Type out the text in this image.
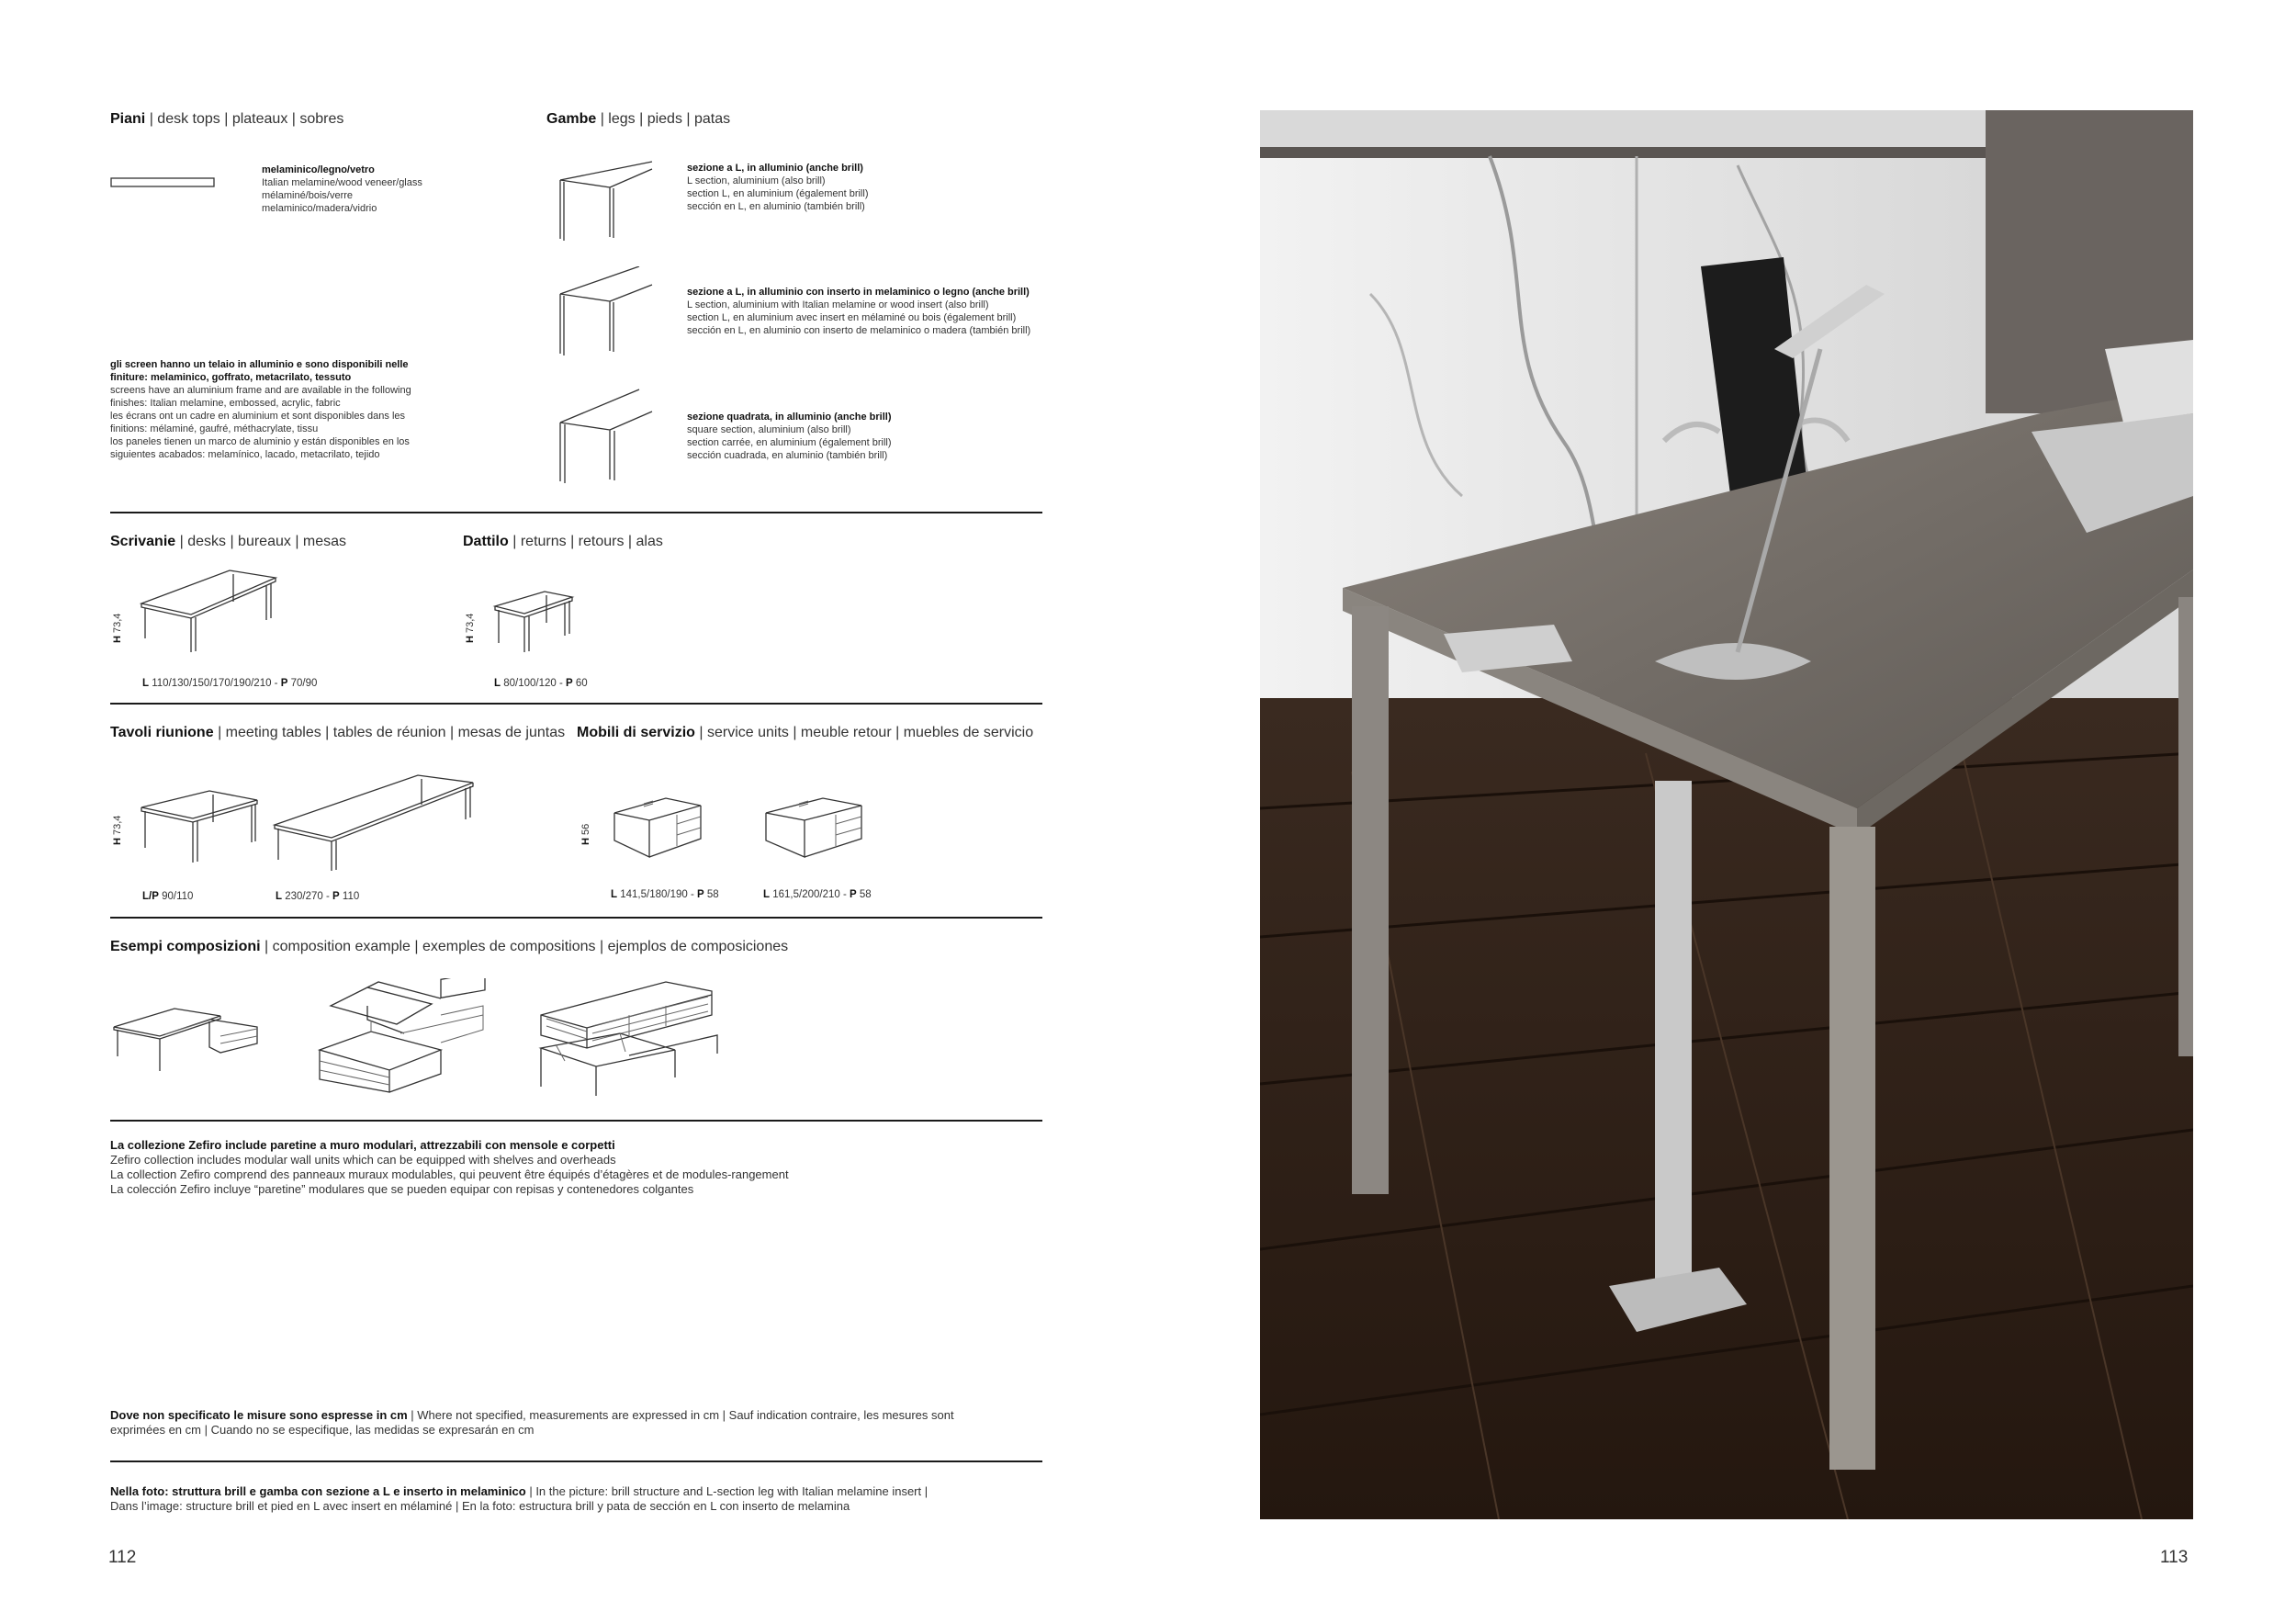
Piani | desk tops | plateaux | sobres
melaminico/legno/vetro
Italian melamine/wood veneer/glass
mélaminé/bois/verre
melaminico/madera/vidrio
gli screen hanno un telaio in alluminio e sono disponibili nelle
finiture: melaminico, goffrato, metacrilato, tessuto
screens have an aluminium frame and are available in the following
finishes: Italian melamine, embossed, acrylic, fabric
les écrans ont un cadre en aluminium et sont disponibles dans les
finitions: mélaminé, gaufré, méthacrylate, tissu
los paneles tienen un marco de aluminio y están disponibles en los
siguientes acabados: melamínico, lacado, metacrilato, tejido
Gambe | legs | pieds | patas
sezione a L, in alluminio (anche brill)
L section, aluminium (also brill)
section L, en aluminium (également brill)
sección en L, en aluminio (también brill)
sezione a L, in alluminio con inserto in melaminico o legno (anche brill)
L section, aluminium with Italian melamine or wood insert (also brill)
section L, en aluminium avec insert en mélaminé ou bois (également brill)
sección en L, en aluminio con inserto de melaminico o madera (también brill)
sezione quadrata, in alluminio (anche brill)
square section, aluminium (also brill)
section carrée, en aluminium (également brill)
sección cuadrada, en aluminio (también brill)
Scrivanie | desks | bureaux | mesas	Dattilo | returns | retours | alas
H 73,4
L 110/130/150/170/190/210 - P 70/90
H 73,4
L 80/100/120 - P 60
Tavoli riunione | meeting tables | tables de réunion | mesas de juntas Mobili di servizio | service units | meuble retour | muebles de servicio
H 73,4
L/P 90/110	L 230/270 - P 110
H 56
L 141,5/180/190 - P 58	L 161,5/200/210 - P 58
Esempi composizioni | composition example | exemples de compositions | ejemplos de composiciones
La collezione Zefiro include paretine a muro modulari, attrezzabili con mensole e corpetti
Zefiro collection includes modular wall units which can be equipped with shelves and overheads
La collection Zefiro comprend des panneaux muraux modulables, qui peuvent être équipés d’étagères et de modules-rangement
La colección Zefiro incluye “paretine” modulares que se pueden equipar con repisas y contenedores colgantes
Dove non specificato le misure sono espresse in cm | Where not specified, measurements are expressed in cm | Sauf indication contraire, les mesures sont
exprimées en cm | Cuando no se especifique, las medidas se expresarán en cm
Nella foto: struttura brill e gamba con sezione a L e inserto in melaminico | In the picture: brill structure and L-section leg with Italian melamine insert |
Dans l’image: structure brill et pied en L avec insert en mélaminé | En la foto: estructura brill y pata de sección en L con inserto de melamina
112	113
